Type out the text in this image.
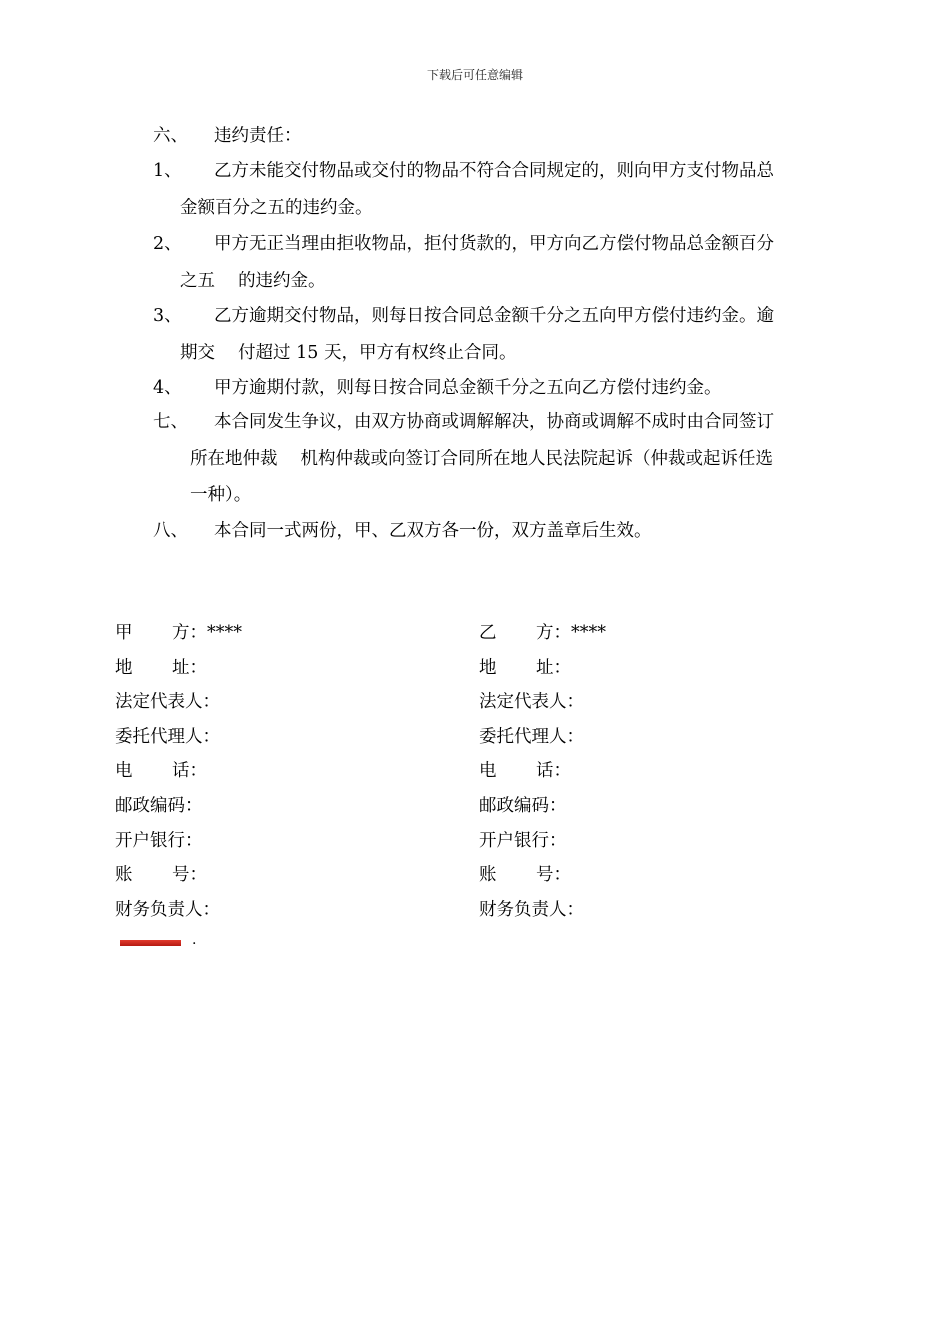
下载后可任意编辑
六、 违约责任：
1、 乙方未能交付物品或交付的物品不符合合同规定的，则向甲方支付物品总
金额百分之五的违约金。
2、 甲方无正当理由拒收物品，拒付货款的，甲方向乙方偿付物品总金额百分
之五　 的违约金。
3、 乙方逾期交付物品，则每日按合同总金额千分之五向甲方偿付违约金。逾
期交　 付超过 15 天，甲方有权终止合同。
4、 甲方逾期付款，则每日按合同总金额千分之五向乙方偿付违约金。
七、 本合同发生争议，由双方协商或调解解决，协商或调解不成时由合同签订
所在地仲裁　 机构仲裁或向签订合同所在地人民法院起诉（仲裁或起诉任选
一种）。
八、 本合同一式两份，甲、乙双方各一份，双方盖章后生效。
甲 方： ****
地 址：
法定代表人：
委托代理人：
电 话：
邮政编码：
开户银行：
账 号：
财务负责人：
乙 方： ****
地 址：
法定代表人：
委托代理人：
电 话：
邮政编码：
开户银行：
账 号：
财务负责人：
.
